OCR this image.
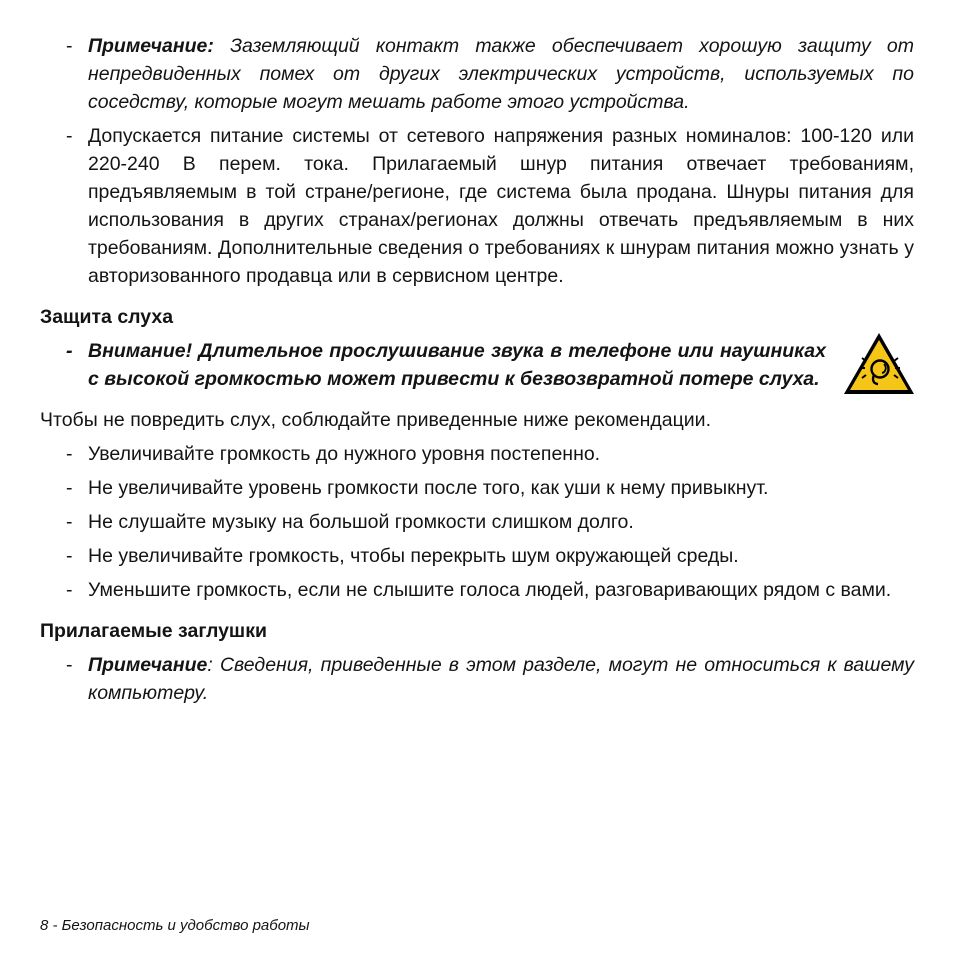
- Примечание: Заземляющий контакт также обеспечивает хорошую защиту от непредвиденных помех от других электрических устройств, используемых по соседству, которые могут мешать работе этого устройства.
- Допускается питание системы от сетевого напряжения разных номиналов: 100-120 или 220-240 В перем. тока. Прилагаемый шнур питания отвечает требованиям, предъявляемым в той стране/регионе, где система была продана. Шнуры питания для использования в других странах/регионах должны отвечать предъявляемым в них требованиям. Дополнительные сведения о требованиях к шнурам питания можно узнать у авторизованного продавца или в сервисном центре.
Защита слуха
- Внимание! Длительное прослушивание звука в телефоне или наушниках с высокой громкостью может привести к безвозвратной потере слуха.
Чтобы не повредить слух, соблюдайте приведенные ниже рекомендации.
- Увеличивайте громкость до нужного уровня постепенно.
- Не увеличивайте уровень громкости после того, как уши к нему привыкнут.
- Не слушайте музыку на большой громкости слишком долго.
- Не увеличивайте громкость, чтобы перекрыть шум окружающей среды.
- Уменьшите громкость, если не слышите голоса людей, разговаривающих рядом с вами.
Прилагаемые заглушки
- Примечание: Сведения, приведенные в этом разделе, могут не относиться к вашему компьютеру.
8 - Безопасность и удобство работы
